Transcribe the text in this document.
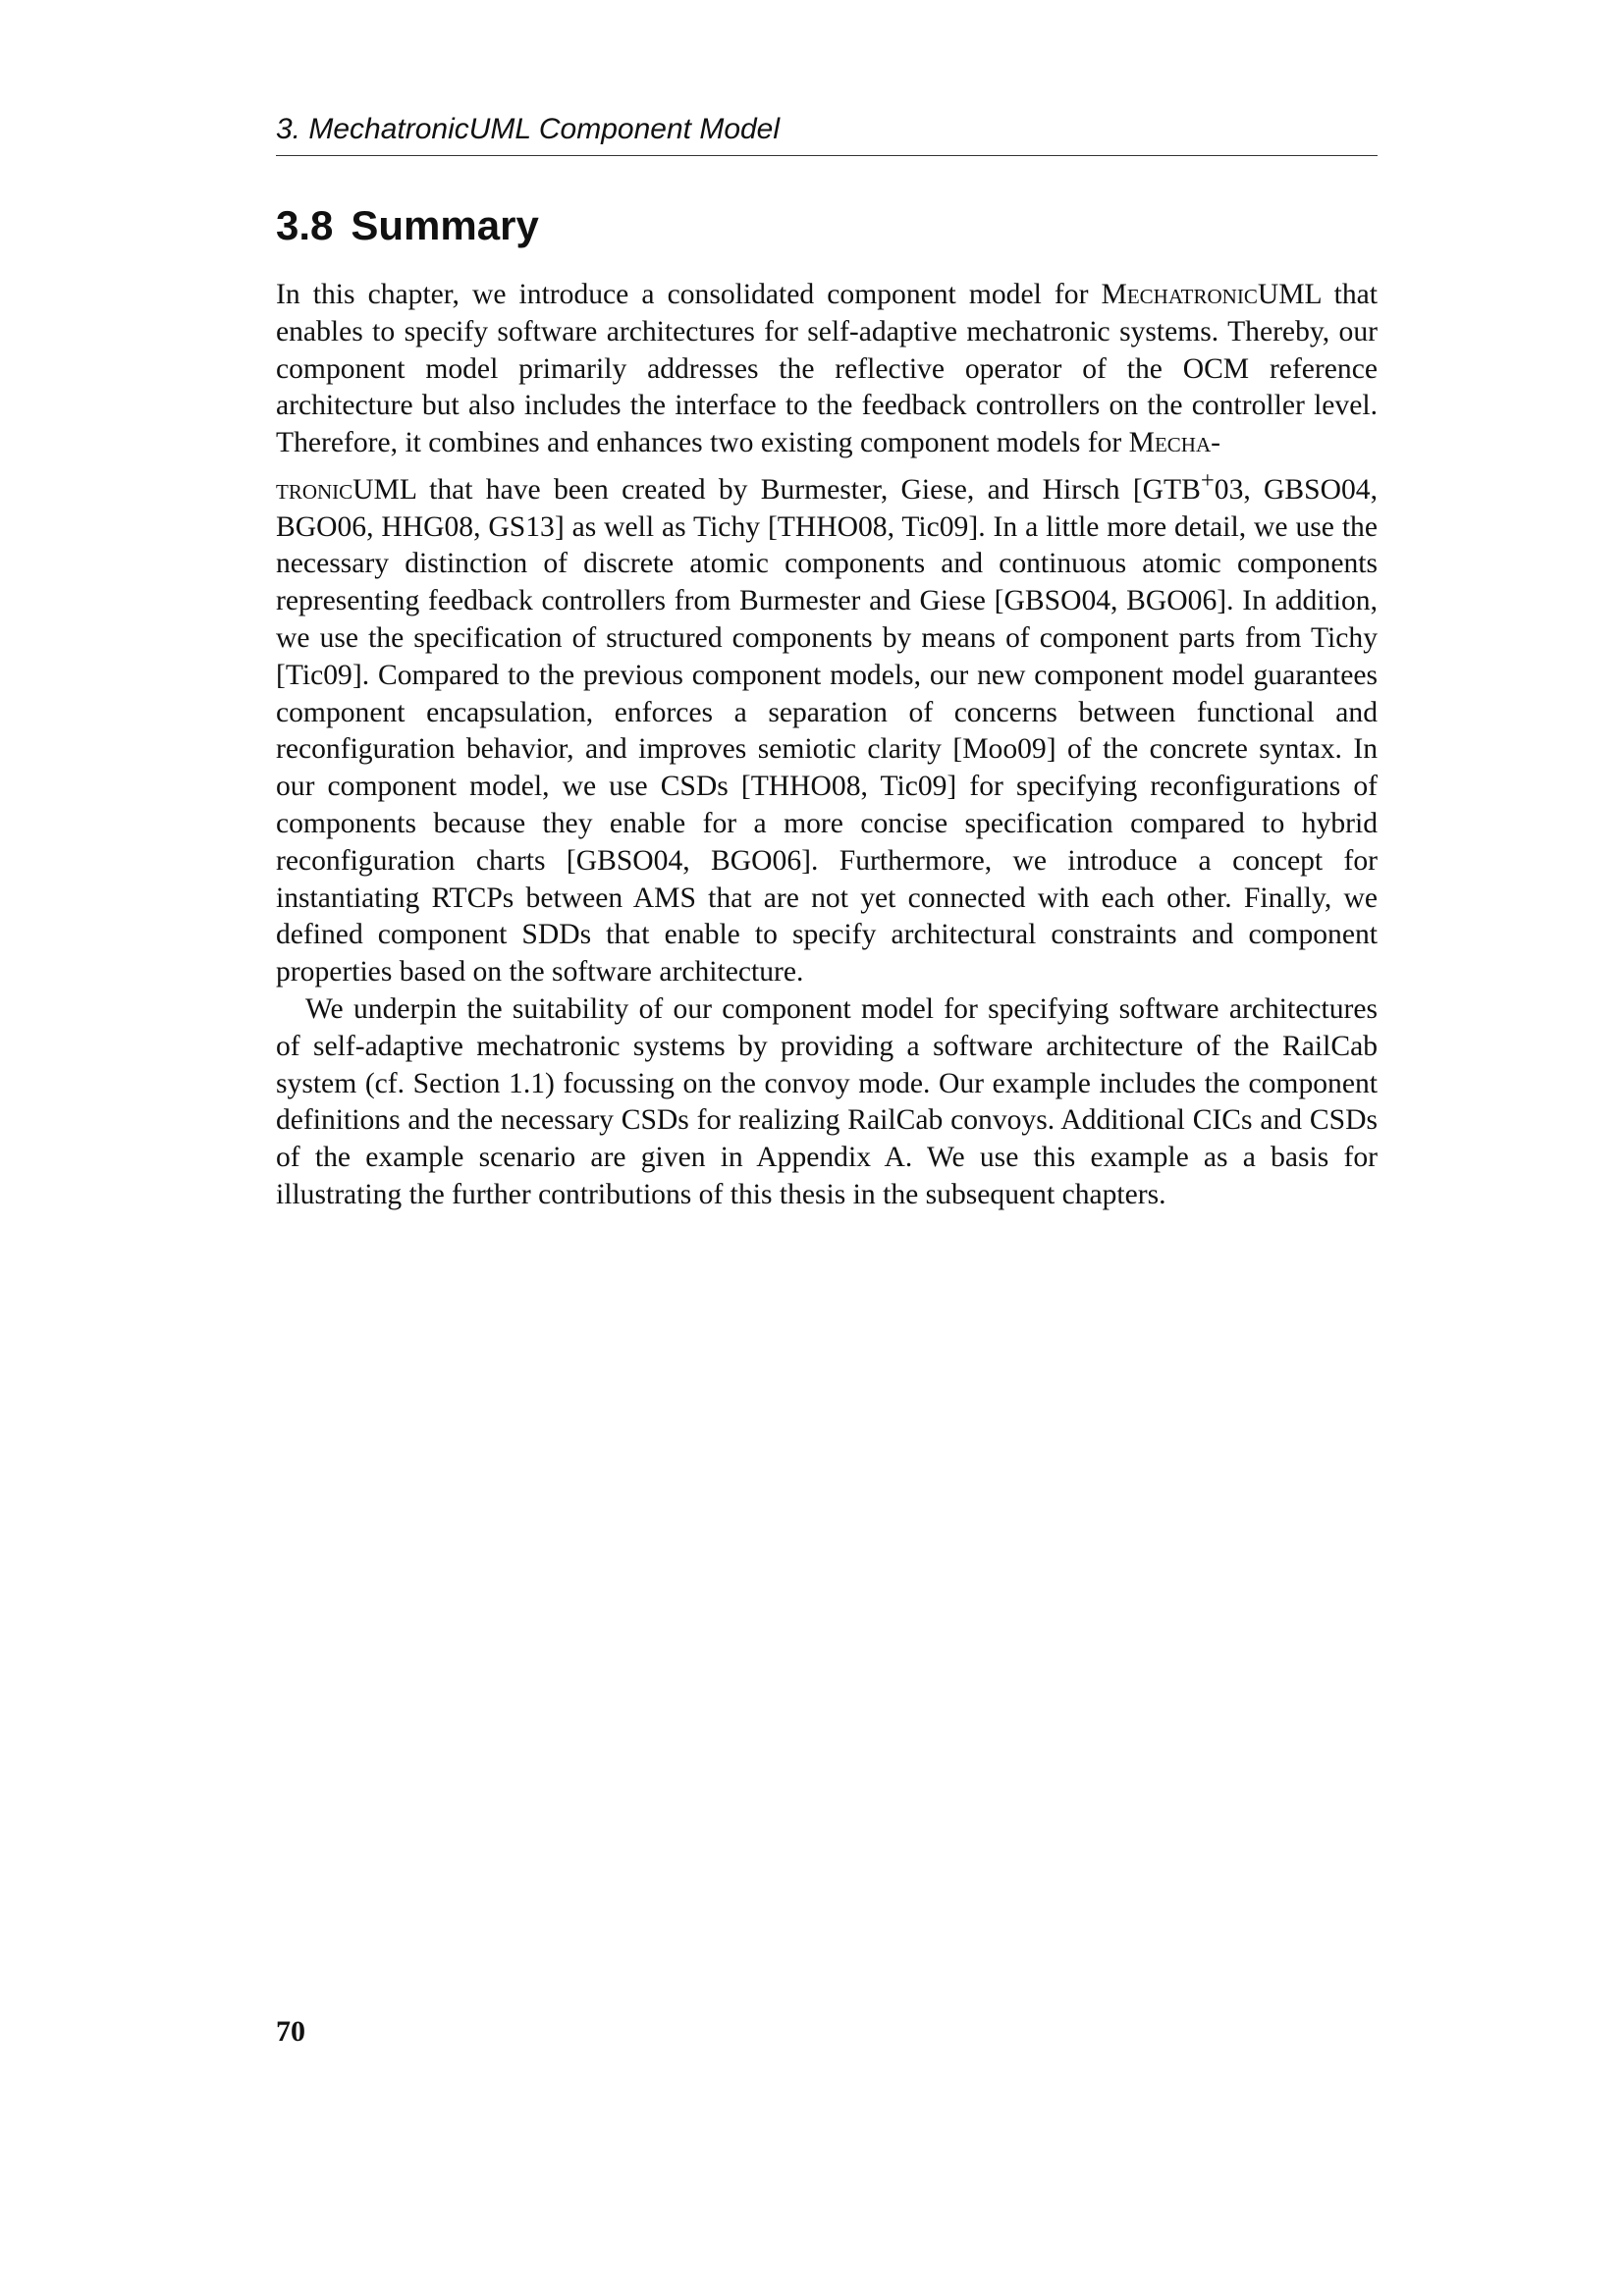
3. MechatronicUML Component Model
3.8 Summary

In this chapter, we introduce a consolidated component model for MechatronicUML that enables to specify software architectures for self-adaptive mechatronic systems. Thereby, our component model primarily addresses the reflective operator of the OCM reference architecture but also includes the interface to the feedback controllers on the controller level. Therefore, it combines and enhances two existing component models for Mecha-
tronicUML that have been created by Burmester, Giese, and Hirsch [GTB+03, GBSO04, BGO06, HHG08, GS13] as well as Tichy [THHO08, Tic09]. In a little more detail, we use the necessary distinction of discrete atomic components and continuous atomic components representing feedback controllers from Burmester and Giese [GBSO04, BGO06]. In addition, we use the specification of structured components by means of component parts from Tichy [Tic09]. Compared to the previous component models, our new component model guarantees component encapsulation, enforces a separation of concerns between functional and reconfiguration behavior, and improves semiotic clarity [Moo09] of the concrete syntax. In our component model, we use CSDs [THHO08, Tic09] for specifying reconfigurations of components because they enable for a more concise specification compared to hybrid reconfiguration charts [GBSO04, BGO06]. Furthermore, we introduce a concept for instantiating RTCPs between AMS that are not yet connected with each other. Finally, we defined component SDDs that enable to specify architectural constraints and component properties based on the software architecture.

We underpin the suitability of our component model for specifying software architectures of self-adaptive mechatronic systems by providing a software architecture of the RailCab system (cf. Section 1.1) focussing on the convoy mode. Our example includes the component definitions and the necessary CSDs for realizing RailCab convoys. Additional CICs and CSDs of the example scenario are given in Appendix A. We use this example as a basis for illustrating the further contributions of this thesis in the subsequent chapters.

70
